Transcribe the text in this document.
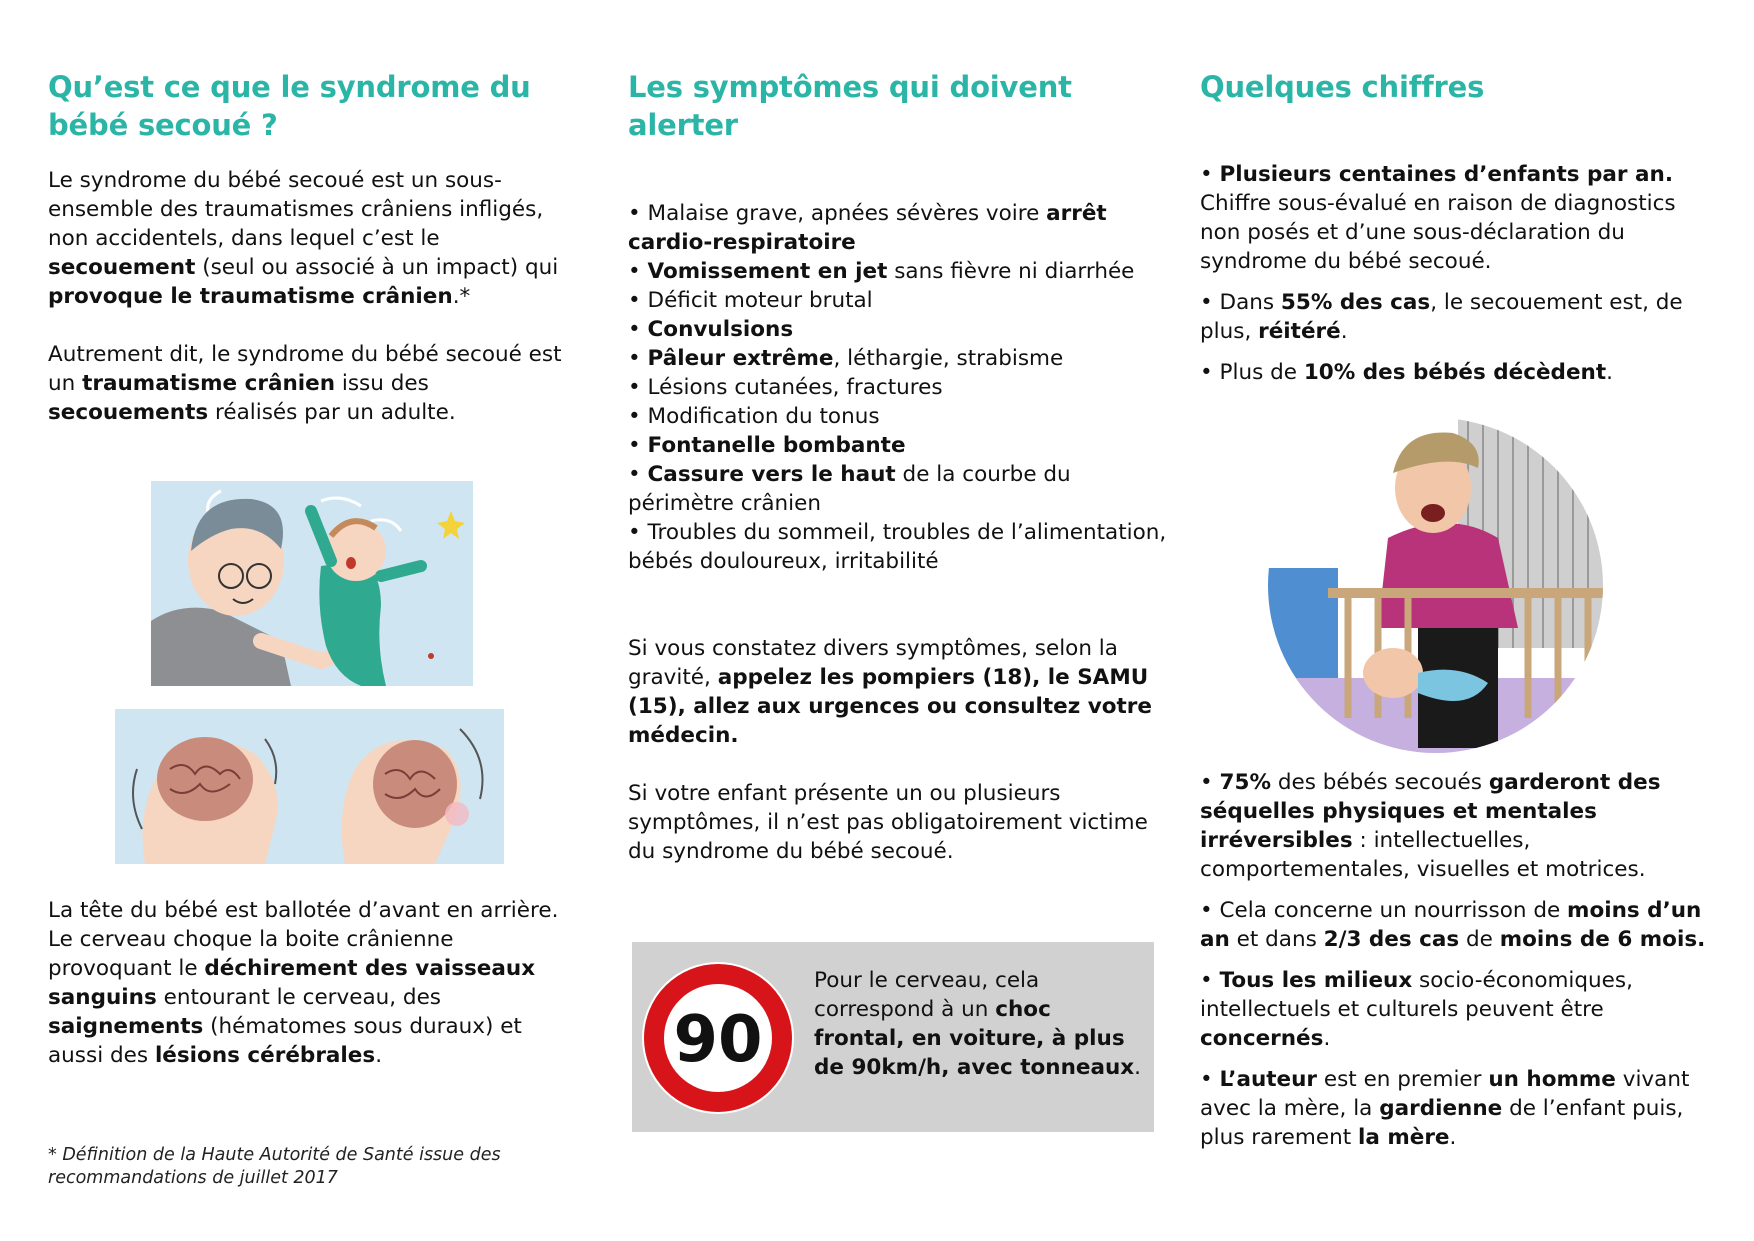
Qu’est ce que le syndrome du bébé secoué ?

Le syndrome du bébé secoué est un sous-ensemble des traumatismes crâniens infligés, non accidentels, dans lequel c’est le secouement (seul ou associé à un impact) qui provoque le traumatisme crânien.*

Autrement dit, le syndrome du bébé secoué est un traumatisme crânien issu des secouements réalisés par un adulte.

La tête du bébé est ballotée d’avant en arrière. Le cerveau choque la boite crânienne provoquant le déchirement des vaisseaux sanguins entourant le cerveau, des saignements (hématomes sous duraux) et aussi des lésions cérébrales.

* Définition de la Haute Autorité de Santé issue des recommandations de juillet 2017

Les symptômes qui doivent alerter

• Malaise grave, apnées sévères voire arrêt cardio-respiratoire

• Vomissement en jet sans fièvre ni diarrhée

• Déficit moteur brutal

• Convulsions

• Pâleur extrême, léthargie, strabisme

• Lésions cutanées, fractures

• Modification du tonus

• Fontanelle bombante

• Cassure vers le haut de la courbe du périmètre crânien

• Troubles du sommeil, troubles de l’alimentation, bébés douloureux, irritabilité

Si vous constatez divers symptômes, selon la gravité, appelez les pompiers (18), le SAMU (15), allez aux urgences ou consultez votre médecin.

Si votre enfant présente un ou plusieurs symptômes, il n’est pas obligatoirement victime du syndrome du bébé secoué.

90

Pour le cerveau, cela correspond à un choc frontal, en voiture, à plus de 90km/h, avec tonneaux.

Quelques chiffres

• Plusieurs centaines d’enfants par an. Chiffre sous-évalué en raison de diagnostics non posés et d’une sous-déclaration du syndrome du bébé secoué.

• Dans 55% des cas, le secouement est, de plus, réitéré.

• Plus de 10% des bébés décèdent.

• 75% des bébés secoués garderont des séquelles physiques et mentales irréversibles : intellectuelles, comportementales, visuelles et motrices.

• Cela concerne un nourrisson de moins d’un an et dans 2/3 des cas de moins de 6 mois.

• Tous les milieux socio-économiques, intellectuels et culturels peuvent être concernés.

• L’auteur est en premier un homme vivant avec la mère, la gardienne de l’enfant puis, plus rarement la mère.
